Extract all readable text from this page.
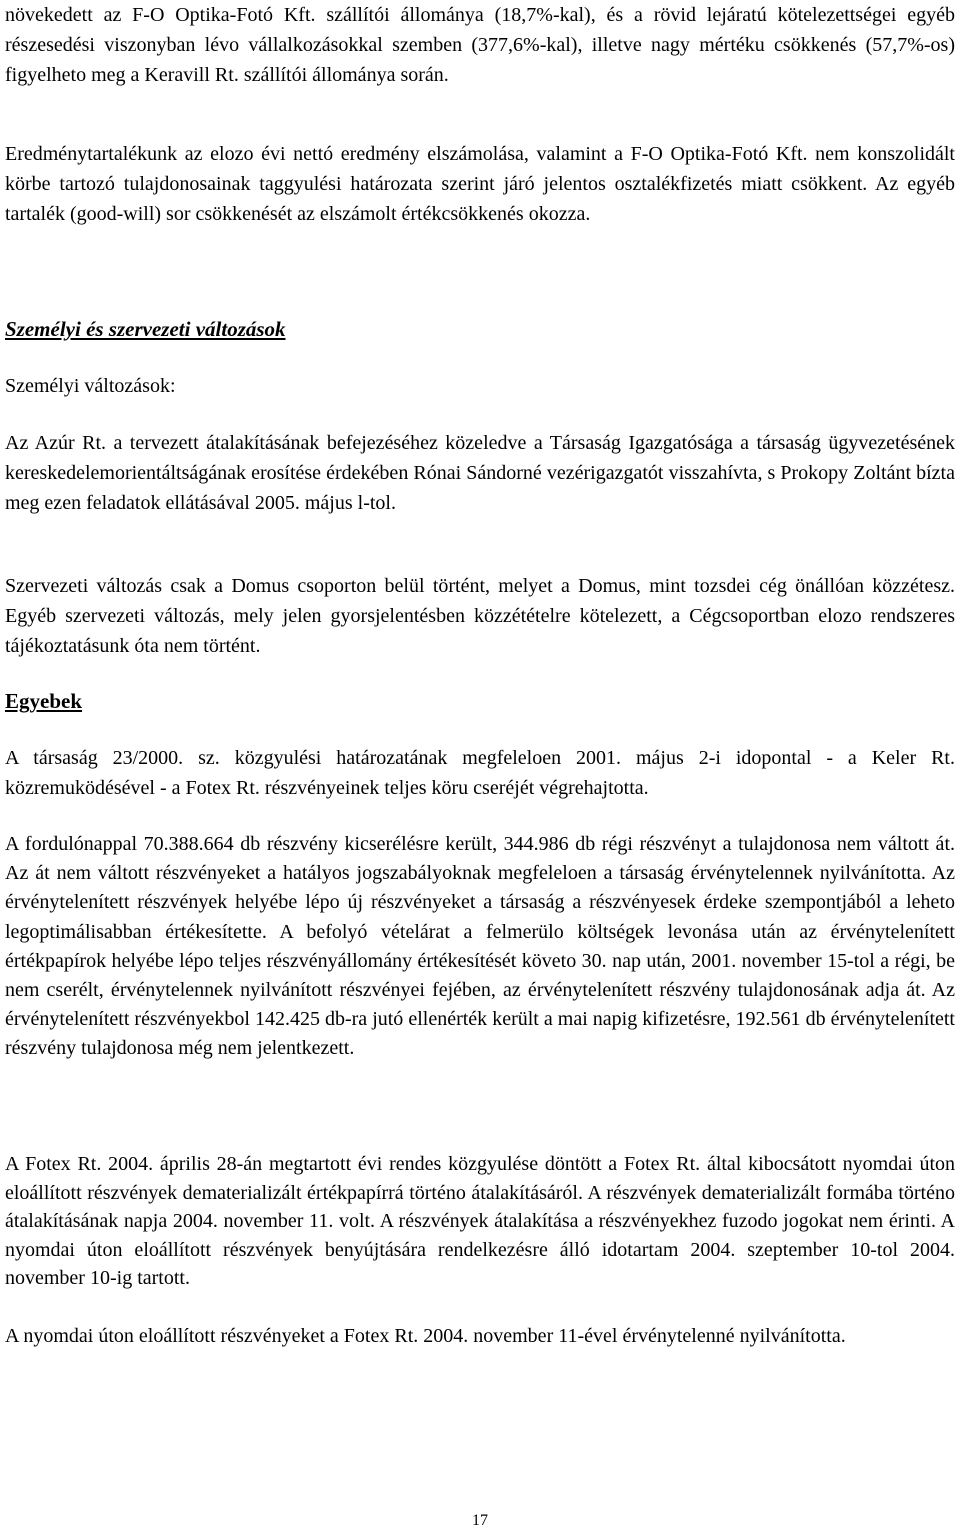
növekedett az F-O Optika-Fotó Kft. szállítói állománya (18,7%-kal), és a rövid lejáratú kötelezettségei egyéb részesedési viszonyban lévo vállalkozásokkal szemben (377,6%-kal), illetve nagy mértéku csökkenés (57,7%-os) figyelheto meg a Keravill Rt. szállítói állománya során.

Eredménytartalékunk az elozo évi nettó eredmény elszámolása, valamint a F-O Optika-Fotó Kft. nem konszolidált körbe tartozó tulajdonosainak taggyulési határozata szerint járó jelentos osztalékfizetés miatt csökkent. Az egyéb tartalék (good-will) sor csökkenését az elszámolt értékcsökkenés okozza.

Személyi és szervezeti változások

Személyi változások:

Az Azúr Rt. a tervezett átalakításának befejezéséhez közeledve a Társaság Igazgatósága a társaság ügyvezetésének kereskedelemorientáltságának erosítése érdekében Rónai Sándorné vezérigazgatót visszahívta, s Prokopy Zoltánt bízta meg ezen feladatok ellátásával 2005. május l-tol.

Szervezeti változás csak a Domus csoporton belül történt, melyet a Domus, mint tozsdei cég önállóan közzétesz. Egyéb szervezeti változás, mely jelen gyorsjelentésben közzétételre kötelezett, a Cégcsoportban elozo rendszeres tájékoztatásunk óta nem történt.

Egyebek

A társaság 23/2000. sz. közgyulési határozatának megfeleloen 2001. május 2-i idopontal - a Keler Rt. közremuködésével - a Fotex Rt. részvényeinek teljes köru cseréjét végrehajtotta.

A fordulónappal 70.388.664 db részvény kicserélésre került, 344.986 db régi részvényt a tulajdonosa nem váltott át. Az át nem váltott részvényeket a hatályos jogszabályoknak megfeleloen a társaság érvénytelennek nyilvánította. Az érvénytelenített részvények helyébe lépo új részvényeket a társaság a részvényesek érdeke szempontjából a leheto legoptimálisabban értékesítette. A befolyó vételárat a felmerülo költségek levonása után az érvénytelenített értékpapírok helyébe lépo teljes részvényállomány értékesítését követo 30. nap után, 2001. november 15-tol a régi, be nem cserélt, érvénytelennek nyilvánított részvényei fejében, az érvénytelenített részvény tulajdonosának adja át. Az érvénytelenített részvényekbol 142.425 db-ra jutó ellenérték került a mai napig kifizetésre, 192.561 db érvénytelenített részvény tulajdonosa még nem jelentkezett.

A Fotex Rt. 2004. április 28-án megtartott évi rendes közgyulése döntött a Fotex Rt. által kibocsátott nyomdai úton eloállított részvények dematerializált értékpapírrá történo átalakításáról. A részvények dematerializált formába történo átalakításának napja 2004. november 11. volt. A részvények átalakítása a részvényekhez fuzodo jogokat nem érinti. A nyomdai úton eloállított részvények benyújtására rendelkezésre álló idotartam 2004. szeptember 10-tol 2004. november 10-ig tartott.

A nyomdai úton eloállított részvényeket a Fotex Rt. 2004. november 11-ével érvénytelenné nyilvánította.

17
